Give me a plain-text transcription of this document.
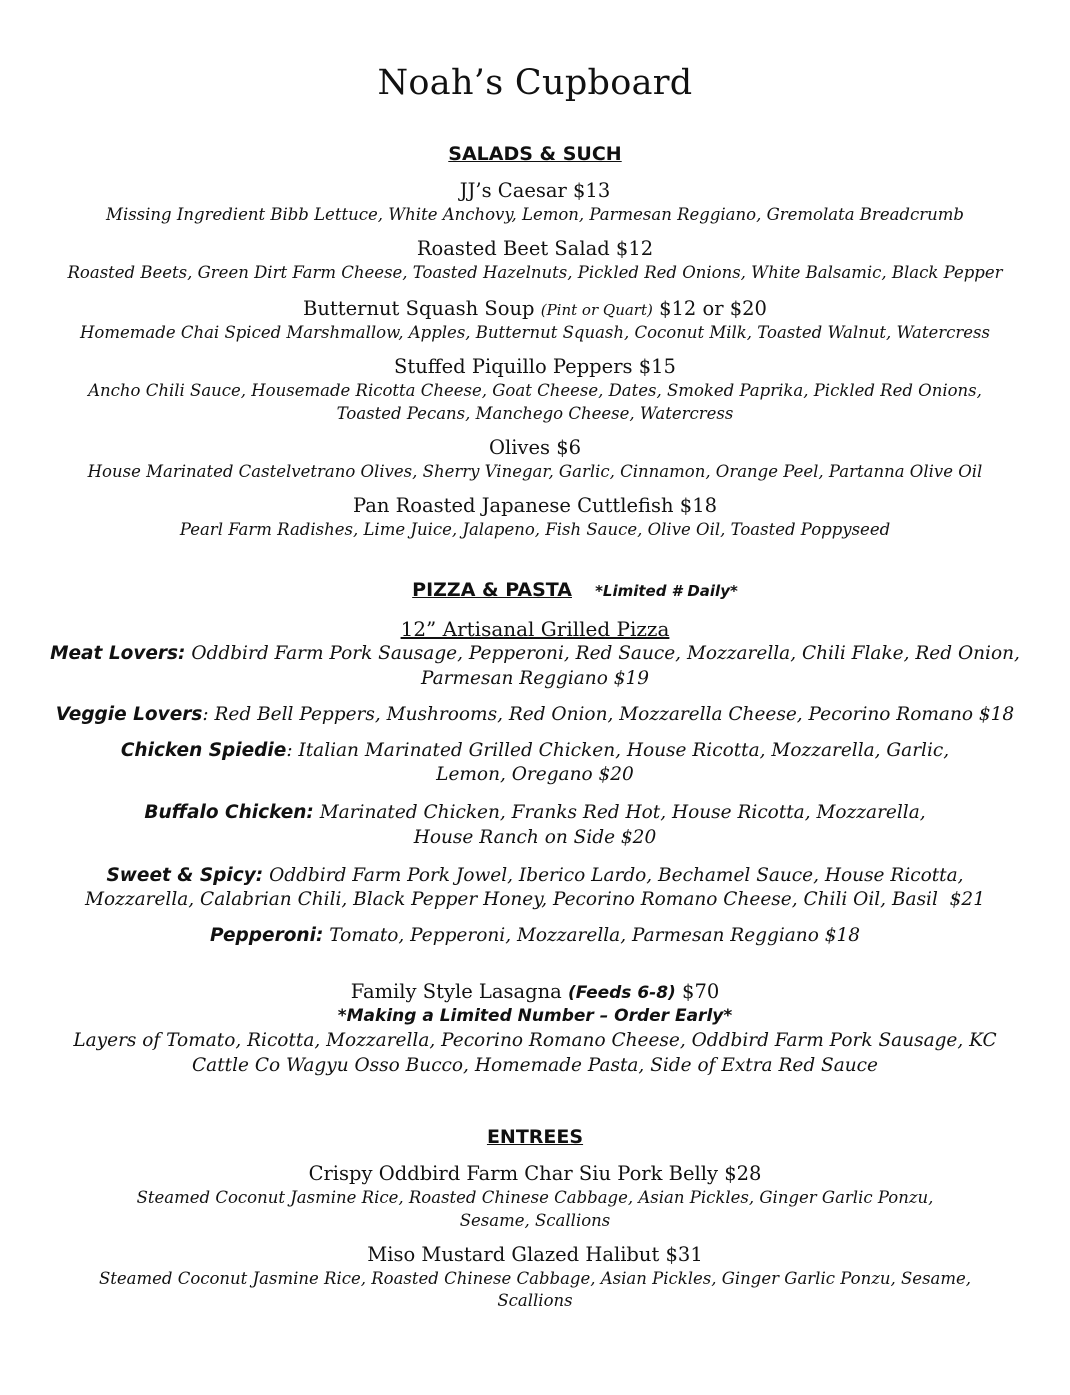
Noah’s Cupboard
SALADS & SUCH
JJ’s Caesar $13
Missing Ingredient Bibb Lettuce, White Anchovy, Lemon, Parmesan Reggiano, Gremolata Breadcrumb
Roasted Beet Salad $12
Roasted Beets, Green Dirt Farm Cheese, Toasted Hazelnuts, Pickled Red Onions, White Balsamic, Black Pepper
Butternut Squash Soup (Pint or Quart) $12 or $20
Homemade Chai Spiced Marshmallow, Apples, Butternut Squash, Coconut Milk, Toasted Walnut, Watercress
Stuffed Piquillo Peppers $15
Ancho Chili Sauce, Housemade Ricotta Cheese, Goat Cheese, Dates, Smoked Paprika, Pickled Red Onions,
Toasted Pecans, Manchego Cheese, Watercress
Olives $6
House Marinated Castelvetrano Olives, Sherry Vinegar, Garlic, Cinnamon, Orange Peel, Partanna Olive Oil
Pan Roasted Japanese Cuttlefish $18
Pearl Farm Radishes, Lime Juice, Jalapeno, Fish Sauce, Olive Oil, Toasted Poppyseed
PIZZA & PASTA *Limited # Daily*
12” Artisanal Grilled Pizza
Meat Lovers: Oddbird Farm Pork Sausage, Pepperoni, Red Sauce, Mozzarella, Chili Flake, Red Onion,
Parmesan Reggiano $19
Veggie Lovers: Red Bell Peppers, Mushrooms, Red Onion, Mozzarella Cheese, Pecorino Romano $18
Chicken Spiedie: Italian Marinated Grilled Chicken, House Ricotta, Mozzarella, Garlic,
Lemon, Oregano $20
Buffalo Chicken: Marinated Chicken, Franks Red Hot, House Ricotta, Mozzarella,
House Ranch on Side $20
Sweet & Spicy: Oddbird Farm Pork Jowel, Iberico Lardo, Bechamel Sauce, House Ricotta,
Mozzarella, Calabrian Chili, Black Pepper Honey, Pecorino Romano Cheese, Chili Oil, Basil  $21
Pepperoni: Tomato, Pepperoni, Mozzarella, Parmesan Reggiano $18
Family Style Lasagna (Feeds 6-8) $70
*Making a Limited Number – Order Early*
Layers of Tomato, Ricotta, Mozzarella, Pecorino Romano Cheese, Oddbird Farm Pork Sausage, KC
Cattle Co Wagyu Osso Bucco, Homemade Pasta, Side of Extra Red Sauce
ENTREES
Crispy Oddbird Farm Char Siu Pork Belly $28
Steamed Coconut Jasmine Rice, Roasted Chinese Cabbage, Asian Pickles, Ginger Garlic Ponzu,
Sesame, Scallions
Miso Mustard Glazed Halibut $31
Steamed Coconut Jasmine Rice, Roasted Chinese Cabbage, Asian Pickles, Ginger Garlic Ponzu, Sesame,
Scallions
